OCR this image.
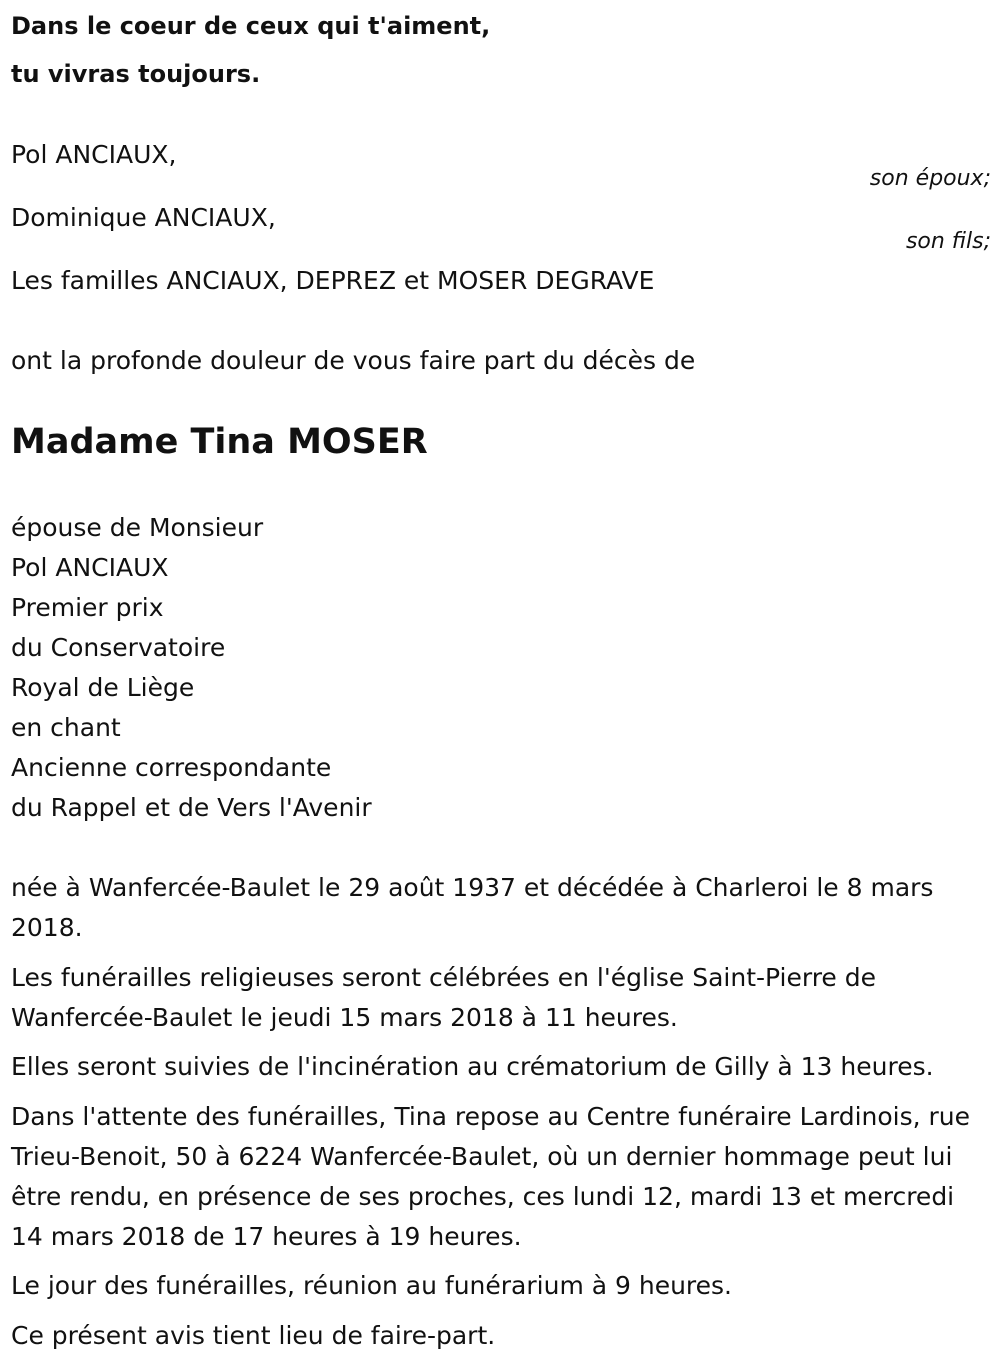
Dans le coeur de ceux qui t'aiment,
tu vivras toujours.
Pol ANCIAUX,
son époux;
Dominique ANCIAUX,
son fils;
Les familles ANCIAUX, DEPREZ et MOSER DEGRAVE
ont la profonde douleur de vous faire part du décès de
Madame Tina MOSER
épouse de Monsieur
Pol ANCIAUX
Premier prix
du Conservatoire
Royal de Liège
en chant
Ancienne correspondante
du Rappel et de Vers l'Avenir
née à Wanfercée-Baulet le 29 août 1937 et décédée à Charleroi le 8 mars 2018.
Les funérailles religieuses seront célébrées en l'église Saint-Pierre de Wanfercée-Baulet le jeudi 15 mars 2018 à 11 heures.
Elles seront suivies de l'incinération au crématorium de Gilly à 13 heures.
Dans l'attente des funérailles, Tina repose au Centre funéraire Lardinois, rue Trieu-Benoit, 50 à 6224 Wanfercée-Baulet, où un dernier hommage peut lui être rendu, en présence de ses proches, ces lundi 12, mardi 13 et mercredi 14 mars 2018 de 17 heures à 19 heures.
Le jour des funérailles, réunion au funérarium à 9 heures.
Ce présent avis tient lieu de faire-part.
